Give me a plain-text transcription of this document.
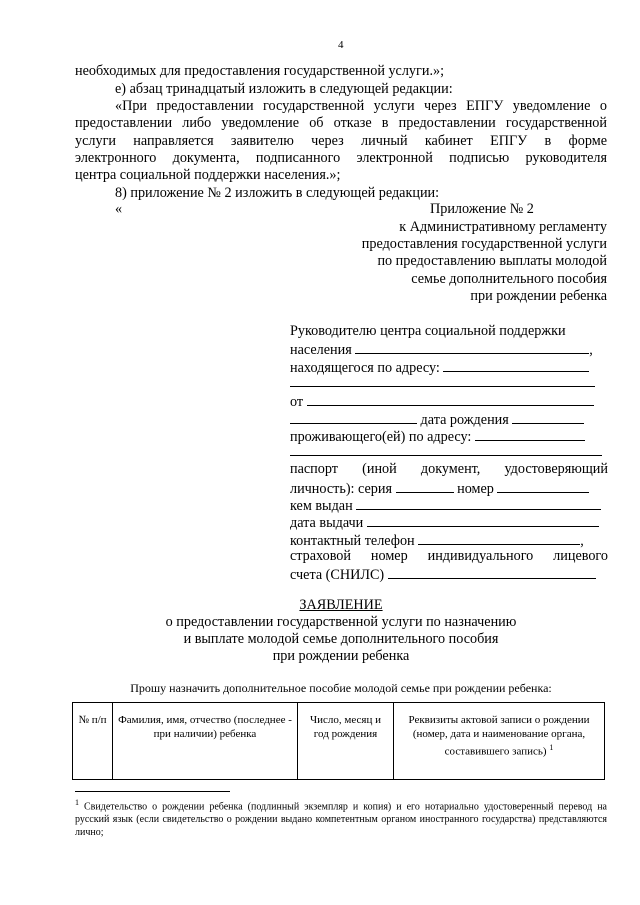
4
необходимых для предоставления государственной услуги.»;
е) абзац тринадцатый изложить в следующей редакции:
«При предоставлении государственной услуги через ЕПГУ уведомление о
предоставлении либо уведомление об отказе в предоставлении государственной
услуги направляется заявителю через личный кабинет ЕПГУ в форме
электронного документа, подписанного электронной подписью руководителя
центра социальной поддержки населения.»;
8) приложение № 2 изложить в следующей редакции:
«	Приложение № 2
к Административному регламенту
предоставления государственной услуги
по предоставлению выплаты молодой
семье дополнительного пособия
при рождении ребенка
Руководителю центра социальной поддержки
населения	,
находящегося по адресу:
от
дата рождения
проживающего(ей) по адресу:
паспорт (иной документ, удостоверяющий
личность): серия	номер
кем выдан
дата выдачи
контактный телефон	,
страховой номер индивидуального лицевого
счета (СНИЛС)
ЗАЯВЛЕНИЕ
о предоставлении государственной услуги по назначению
и выплате молодой семье дополнительного пособия
при рождении ребенка
Прошу назначить дополнительное пособие молодой семье при рождении ребенка:
№ п/п	Фамилия, имя, отчество (последнее - при наличии) ребенка	Число, месяц и год рождения	Реквизиты актовой записи о рождении (номер, дата и наименование органа, составившего запись) $^1$
$^1$ Свидетельство о рождении ребенка (подлинный экземпляр и копия) и его нотариально удостоверенный перевод на русский язык (если свидетельство о рождении выдано компетентным органом иностранного государства) представляются лично;
